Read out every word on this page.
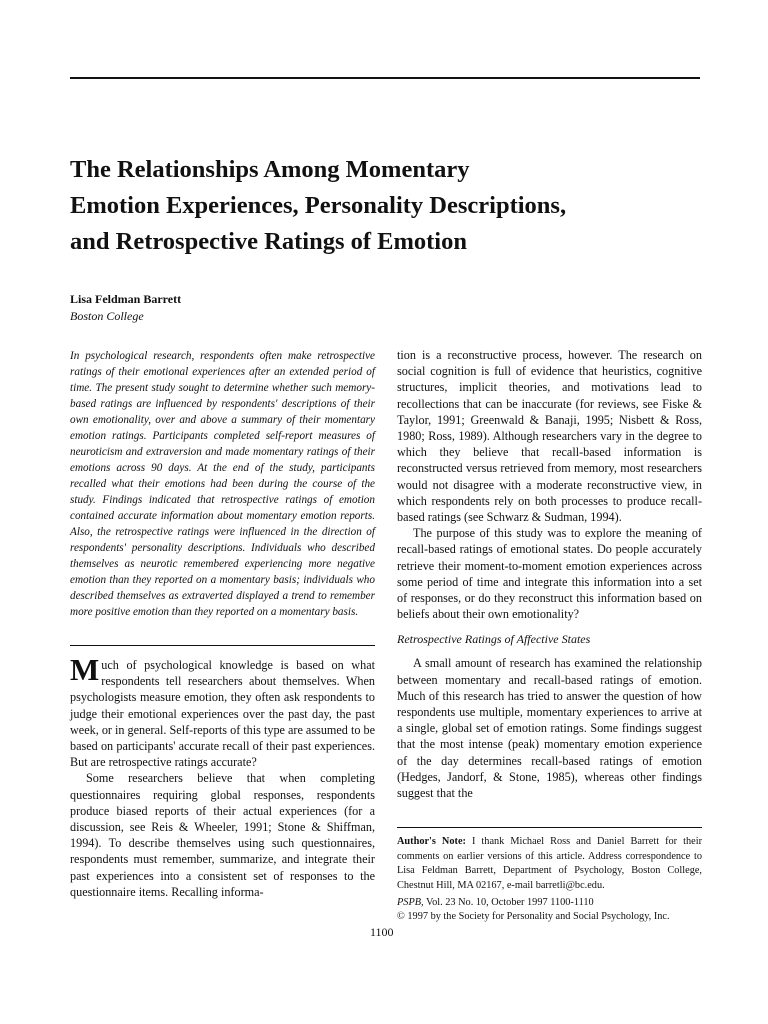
The Relationships Among Momentary
Emotion Experiences, Personality Descriptions,
and Retrospective Ratings of Emotion
Lisa Feldman Barrett
Boston College

In psychological research, respondents often make retrospective ratings of their emotional experiences after an extended period of time. The present study sought to determine whether such memory-based ratings are influenced by respondents' descriptions of their own emotionality, over and above a summary of their momentary emotion ratings. Participants completed self-report measures of neuroticism and extraversion and made momentary ratings of their emotions across 90 days. At the end of the study, participants recalled what their emotions had been during the course of the study. Findings indicated that retrospective ratings of emotion contained accurate information about momentary emotion reports. Also, the retrospective ratings were influenced in the direction of respondents' personality descriptions. Individuals who described themselves as neurotic remembered experiencing more negative emotion than they reported on a momentary basis; individuals who described themselves as extraverted displayed a trend to remember more positive emotion than they reported on a momentary basis.

Much of psychological knowledge is based on what respondents tell researchers about themselves. When psychologists measure emotion, they often ask respondents to judge their emotional experiences over the past day, the past week, or in general. Self-reports of this type are assumed to be based on participants' accurate recall of their past experiences. But are retrospective ratings accurate?

Some researchers believe that when completing questionnaires requiring global responses, respondents produce biased reports of their actual experiences (for a discussion, see Reis & Wheeler, 1991; Stone & Shiffman, 1994). To describe themselves using such questionnaires, respondents must remember, summarize, and integrate their past experiences into a consistent set of responses to the questionnaire items. Recalling informa-

tion is a reconstructive process, however. The research on social cognition is full of evidence that heuristics, cognitive structures, implicit theories, and motivations lead to recollections that can be inaccurate (for reviews, see Fiske & Taylor, 1991; Greenwald & Banaji, 1995; Nisbett & Ross, 1980; Ross, 1989). Although researchers vary in the degree to which they believe that recall-based information is reconstructed versus retrieved from memory, most researchers would not disagree with a moderate reconstructive view, in which respondents rely on both processes to produce recall-based ratings (see Schwarz & Sudman, 1994).

The purpose of this study was to explore the meaning of recall-based ratings of emotional states. Do people accurately retrieve their moment-to-moment emotion experiences across some period of time and integrate this information into a set of responses, or do they reconstruct this information based on beliefs about their own emotionality?

Retrospective Ratings of Affective States

A small amount of research has examined the relationship between momentary and recall-based ratings of emotion. Much of this research has tried to answer the question of how respondents use multiple, momentary experiences to arrive at a single, global set of emotion ratings. Some findings suggest that the most intense (peak) momentary emotion experience of the day determines recall-based ratings of emotion (Hedges, Jandorf, & Stone, 1985), whereas other findings suggest that the

Author's Note: I thank Michael Ross and Daniel Barrett for their comments on earlier versions of this article. Address correspondence to Lisa Feldman Barrett, Department of Psychology, Boston College, Chestnut Hill, MA 02167, e-mail barretli@bc.edu.

PSPB, Vol. 23 No. 10, October 1997 1100-1110
© 1997 by the Society for Personality and Social Psychology, Inc.
1100
